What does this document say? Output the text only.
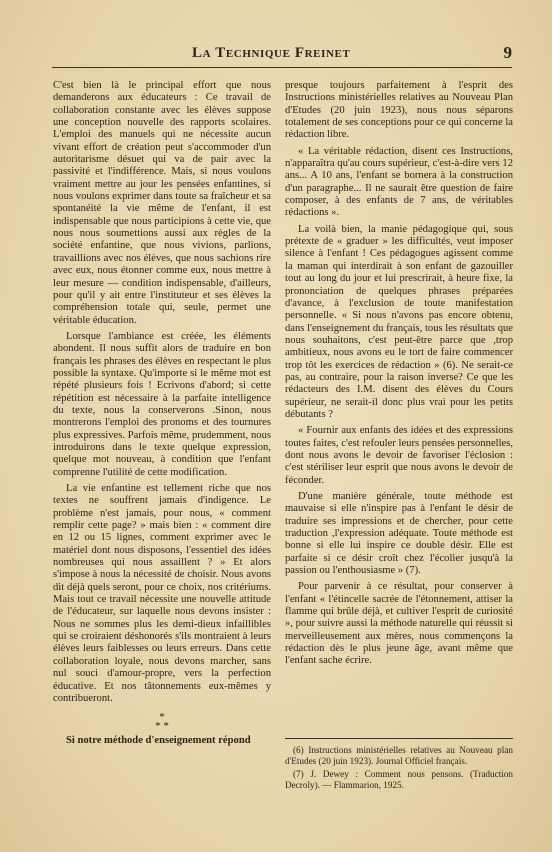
La Technique Freinet	9

C'est bien là le principal effort que nous demanderons aux éducateurs : Ce travail de collaboration constante avec les élèves suppose une conception nouvelle des rapports scolaires. L'emploi des manuels qui ne nécessite aucun vivant effort de création peut s'accommoder d'un autoritarisme désuet qui va de pair avec la passivité et l'indifférence. Mais, si nous voulons vraiment mettre au jour les pensées enfantines, si nous voulons exprimer dans toute sa fraîcheur et sa spontanéité la vie même de l'enfant, il est indispensable que nous participions à cette vie, que nous nous soumettions aussi aux règles de la société enfantine, que nous vivions, parlions, travaillions avec nos élèves, que nous sachions rire avec eux, nous étonner comme eux, nous mettre à leur mesure — condition indispensable, d'ailleurs, pour qu'il y ait entre l'instituteur et ses élèves la compréhension totale qui, seule, permet une véritable éducation.

Lorsque l'ambiance est créée, les éléments abondent. Il nous suffit alors de traduire en bon français les phrases des élèves en respectant le plus possible la syntaxe. Qu'importe si le même mot est répété plusieurs fois ! Ecrivons d'abord; si cette répétition est nécessaire à la parfaite intelligence du texte, nous la conserverons .Sinon, nous montrerons l'emploi des pronoms et des tournures plus expressives. Parfois même, prudemment, nous introduirons dans le texte quelque expression, quelque mot nouveau, à condition que l'enfant comprenne l'utilité de cette modification.

La vie enfantine est tellement riche que nos textes ne souffrent jamais d'indigence. Le problème n'est jamais, pour nous, « comment remplir cette page? » mais bien : « comment dire en 12 ou 15 lignes, comment exprimer avec le matériel dont nous disposons, l'essentiel des idées nombreuses qui nous assaillent ? » Et alors s'impose à nous la nécessité de choisir. Nous avons dit déjà quels seront, pour ce choix, nos critériums. Mais tout ce travail nécessite une nouvelle attitude de l'éducateur, sur laquelle nous devons insister : Nous ne sommes plus les demi-dieux infaillibles qui se croiraient déshonorés s'ils montraient à leurs élèves leurs faiblesses ou leurs erreurs. Dans cette collaboration loyale, nous devons marcher, sans nul souci d'amour-propre, vers la perfection éducative. Et nos tâtonnements eux-mêmes y contribueront.

*
* *

Si notre méthode d'enseignement répond

presque toujours parfaitement à l'esprit des Instructions ministérielles relatives au Nouveau Plan d'Etudes (20 juin 1923), nous nous séparons totalement de ses conceptions pour ce qui concerne la rédaction libre.

« La véritable rédaction, disent ces Instructions, n'apparaîtra qu'au cours supérieur, c'est-à-dire vers 12 ans... A 10 ans, l'enfant se bornera à la construction d'un paragraphe... Il ne saurait être question de faire composer, à des enfants de 7 ans, de véritables rédactions ».

La voilà bien, la manie pédagogique qui, sous prétexte de « graduer » les difficultés, veut imposer silence à l'enfant ! Ces pédagogues agissent comme la maman qui interdirait à son enfant de gazouiller tout au long du jour et lui prescrirait, à heure fixe, la prononciation de quelques phrases préparées d'avance, à l'exclusion de toute manifestation personnelle. « Si nous n'avons pas encore obtenu, dans l'enseignement du français, tous les résultats que nous souhaitons, c'est peut-être parce que ,trop ambitieux, nous avons eu le tort de faire commencer trop tôt les exercices de rédaction » (6). Ne serait-ce pas, au contraire, pour la raison inverse? Ce que les rédacteurs des I.M. disent des élèves du Cours supérieur, ne serait-il donc plus vrai pour les petits débutants ?

« Fournir aux enfants des idées et des expressions toutes faites, c'est refouler leurs pensées personnelles, dont nous avons le devoir de favoriser l'éclosion : c'est stériliser leur esprit que nous avons le devoir de féconder.

D'une manière générale, toute méthode est mauvaise si elle n'inspire pas à l'enfant le désir de traduire ses impressions et de chercher, pour cette traduction ,l'expression adéquate. Toute méthode est bonne si elle lui inspire ce double désir. Elle est parfaite si ce désir croît chez l'écolier jusqu'à la passion ou l'enthousiasme » (7).

Pour parvenir à ce résultat, pour conserver à l'enfant « l'étincelle sacrée de l'étonnement, attiser la flamme qui brûle déjà, et cultiver l'esprit de curiosité », pour suivre aussi la méthode naturelle qui réussit si merveilleusement aux mères, nous commençons la rédaction dès le plus jeune âge, avant même que l'enfant sache écrire.

(6) Instructions ministérielles relatives au Nouveau plan d'Etudes (20 juin 1923). Journal Officiel français.

(7) J. Dewey : Comment nous pensons. (Traduction Decroly). — Flammarion, 1925.
